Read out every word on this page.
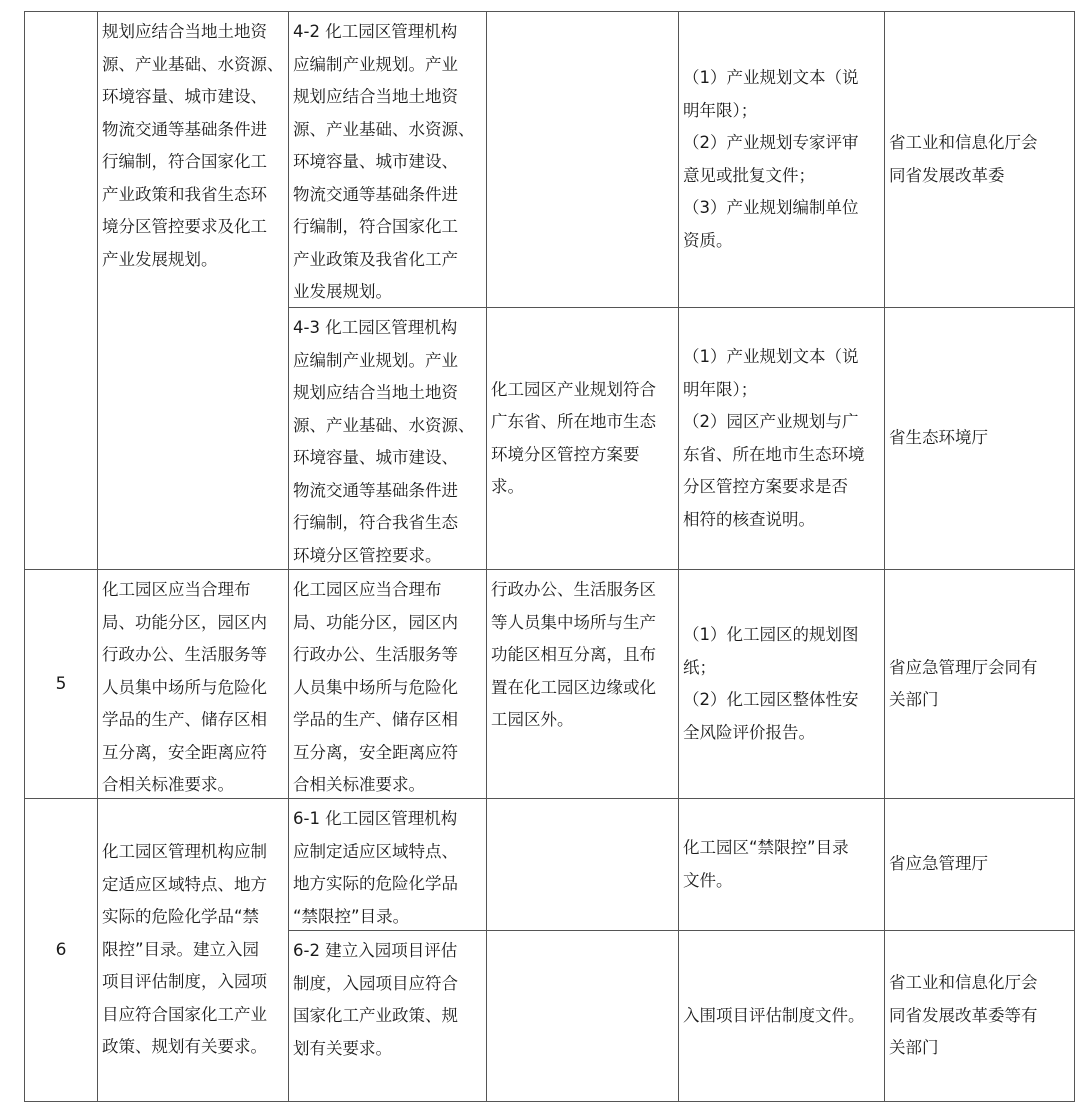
规划应结合当地土地资
源、产业基础、水资源、
环境容量、城市建设、
物流交通等基础条件进
行编制，符合国家化工
产业政策和我省生态环
境分区管控要求及化工
产业发展规划。
4-2 化工园区管理机构
应编制产业规划。产业
规划应结合当地土地资
源、产业基础、水资源、
环境容量、城市建设、
物流交通等基础条件进
行编制，符合国家化工
产业政策及我省化工产
业发展规划。
（1）产业规划文本（说
明年限）；
（2）产业规划专家评审
意见或批复文件；
（3）产业规划编制单位
资质。
省工业和信息化厅会
同省发展改革委
4-3 化工园区管理机构
应编制产业规划。产业
规划应结合当地土地资
源、产业基础、水资源、
环境容量、城市建设、
物流交通等基础条件进
行编制，符合我省生态
环境分区管控要求。
化工园区产业规划符合
广东省、所在地市生态
环境分区管控方案要
求。
（1）产业规划文本（说
明年限）；
（2）园区产业规划与广
东省、所在地市生态环境
分区管控方案要求是否
相符的核查说明。
省生态环境厅
5
化工园区应当合理布
局、功能分区，园区内
行政办公、生活服务等
人员集中场所与危险化
学品的生产、储存区相
互分离，安全距离应符
合相关标准要求。
化工园区应当合理布
局、功能分区，园区内
行政办公、生活服务等
人员集中场所与危险化
学品的生产、储存区相
互分离，安全距离应符
合相关标准要求。
行政办公、生活服务区
等人员集中场所与生产
功能区相互分离，且布
置在化工园区边缘或化
工园区外。
（1）化工园区的规划图
纸；
（2）化工园区整体性安
全风险评价报告。
省应急管理厅会同有
关部门
6
化工园区管理机构应制
定适应区域特点、地方
实际的危险化学品“禁
限控”目录。建立入园
项目评估制度，入园项
目应符合国家化工产业
政策、规划有关要求。
6-1 化工园区管理机构
应制定适应区域特点、
地方实际的危险化学品
“禁限控”目录。
化工园区“禁限控”目录
文件。
省应急管理厅
6-2 建立入园项目评估
制度，入园项目应符合
国家化工产业政策、规
划有关要求。
入围项目评估制度文件。
省工业和信息化厅会
同省发展改革委等有
关部门
